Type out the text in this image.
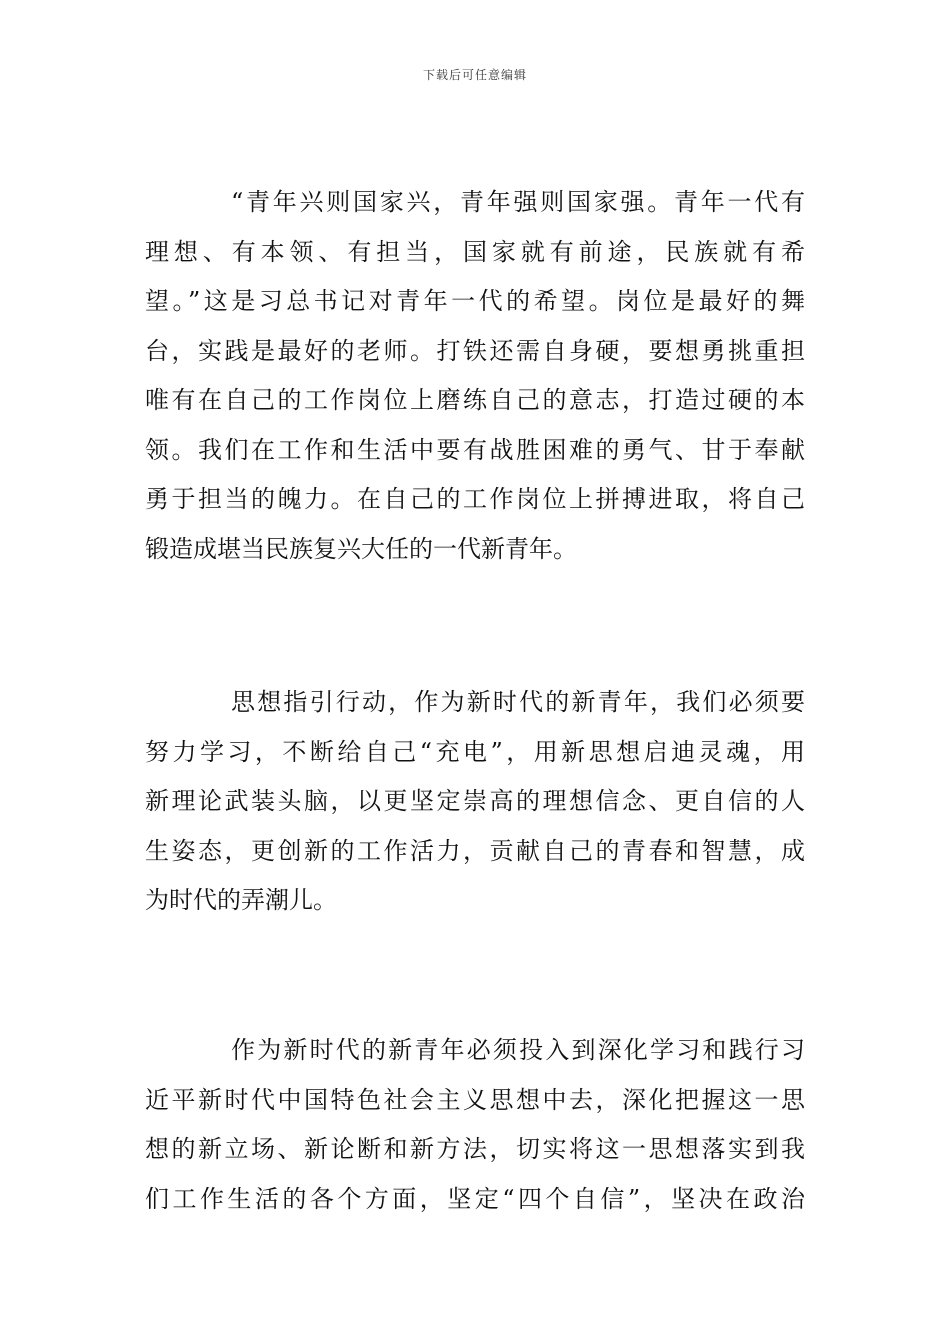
下载后可任意编辑
“青年兴则国家兴，青年强则国家强。青年一代有
理想、有本领、有担当，国家就有前途，民族就有希
望。”这是习总书记对青年一代的希望。岗位是最好的舞
台，实践是最好的老师。打铁还需自身硬，要想勇挑重担
唯有在自己的工作岗位上磨练自己的意志，打造过硬的本
领。我们在工作和生活中要有战胜困难的勇气、甘于奉献
勇于担当的魄力。在自己的工作岗位上拼搏进取，将自己
锻造成堪当民族复兴大任的一代新青年。
思想指引行动，作为新时代的新青年，我们必须要
努力学习，不断给自己“充电”，用新思想启迪灵魂，用
新理论武装头脑，以更坚定崇高的理想信念、更自信的人
生姿态，更创新的工作活力，贡献自己的青春和智慧，成
为时代的弄潮儿。
作为新时代的新青年必须投入到深化学习和践行习
近平新时代中国特色社会主义思想中去，深化把握这一思
想的新立场、新论断和新方法，切实将这一思想落实到我
们工作生活的各个方面，坚定“四个自信”，坚决在政治
